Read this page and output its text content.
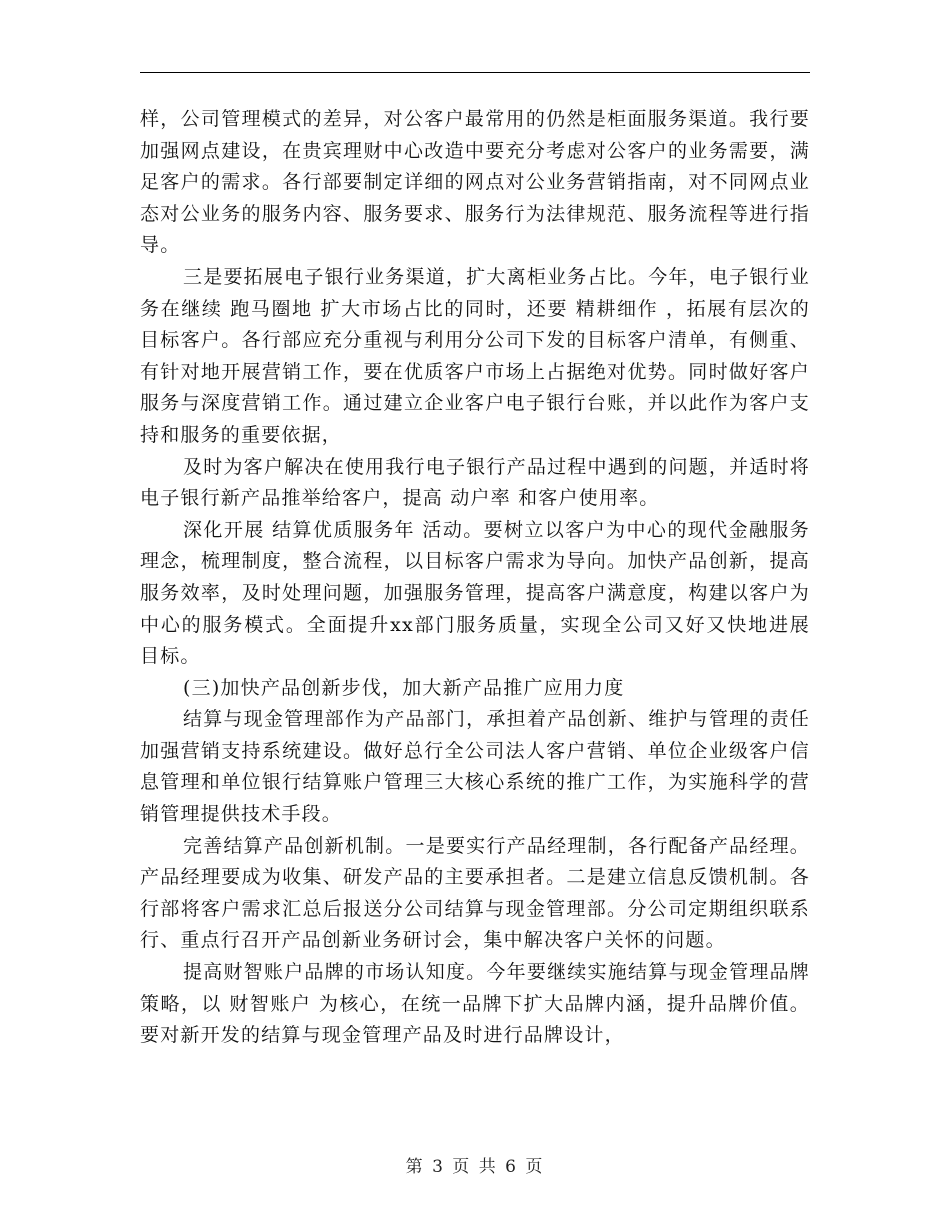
样，公司管理模式的差异，对公客户最常用的仍然是柜面服务渠道。我行要加强网点建设，在贵宾理财中心改造中要充分考虑对公客户的业务需要，满足客户的需求。各行部要制定详细的网点对公业务营销指南，对不同网点业态对公业务的服务内容、服务要求、服务行为法律规范、服务流程等进行指导。

三是要拓展电子银行业务渠道，扩大离柜业务占比。今年，电子银行业务在继续 跑马圈地 扩大市场占比的同时，还要 精耕细作 ，拓展有层次的目标客户。各行部应充分重视与利用分公司下发的目标客户清单，有侧重、有针对地开展营销工作，要在优质客户市场上占据绝对优势。同时做好客户服务与深度营销工作。通过建立企业客户电子银行台账，并以此作为客户支持和服务的重要依据，

及时为客户解决在使用我行电子银行产品过程中遇到的问题，并适时将电子银行新产品推举给客户，提高 动户率 和客户使用率。

深化开展 结算优质服务年 活动。要树立以客户为中心的现代金融服务理念，梳理制度，整合流程，以目标客户需求为导向。加快产品创新，提高服务效率，及时处理问题，加强服务管理，提高客户满意度，构建以客户为中心的服务模式。全面提升xx部门服务质量，实现全公司又好又快地进展目标。

(三)加快产品创新步伐，加大新产品推广应用力度

结算与现金管理部作为产品部门，承担着产品创新、维护与管理的责任加强营销支持系统建设。做好总行全公司法人客户营销、单位企业级客户信息管理和单位银行结算账户管理三大核心系统的推广工作，为实施科学的营销管理提供技术手段。

完善结算产品创新机制。一是要实行产品经理制，各行配备产品经理。产品经理要成为收集、研发产品的主要承担者。二是建立信息反馈机制。各行部将客户需求汇总后报送分公司结算与现金管理部。分公司定期组织联系行、重点行召开产品创新业务研讨会，集中解决客户关怀的问题。

提高财智账户品牌的市场认知度。今年要继续实施结算与现金管理品牌策略，以 财智账户 为核心，在统一品牌下扩大品牌内涵，提升品牌价值。要对新开发的结算与现金管理产品及时进行品牌设计，

第 3 页 共 6 页
